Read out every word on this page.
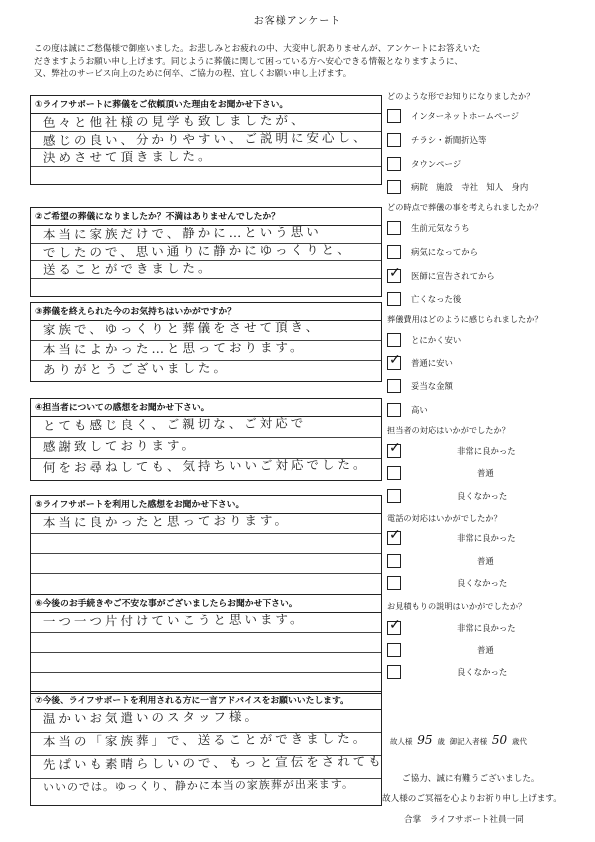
お客様アンケート
この度は誠にご愁傷様で御座いました。お悲しみとお疲れの中、大変申し訳ありませんが、アンケートにお答えいた
だきますようお願い申し上げます。同じように葬儀に関して困っている方へ安心できる情報となりますように、
又、弊社のサービス向上のために何卒、ご協力の程、宜しくお願い申し上げます。
①ライフサポートに葬儀をご依頼頂いた理由をお聞かせ下さい。
色々と他社様の見学も致しましたが、
感じの良い、分かりやすい、ご説明に安心し、
決めさせて頂きました。
②ご希望の葬儀になりましたか？不満はありませんでしたか？
本当に家族だけで、静かに…という思い
でしたので、思い通りに静かにゆっくりと、
送ることができました。
③葬儀を終えられた今のお気持ちはいかがですか？
家族で、ゆっくりと葬儀をさせて頂き、
本当によかった…と思っております。
ありがとうございました。
④担当者についての感想をお聞かせ下さい。
とても感じ良く、ご親切な、ご対応で
感謝致しております。
何をお尋ねしても、気持ちいいご対応でした。
⑤ライフサポートを利用した感想をお聞かせ下さい。
本当に良かったと思っております。
⑥今後のお手続きやご不安な事がございましたらお聞かせ下さい。
一つ一つ片付けていこうと思います。
⑦今後、ライフサポートを利用される方に一言アドバイスをお願いいたします。
温かいお気遣いのスタッフ様。
本当の「家族葬」で、送ることができました。
先ぱいも素晴らしいので、もっと宣伝をされても
いいのでは。ゆっくり、静かに本当の家族葬が出来ます。
どのような形でお知りになりましたか？
インターネットホームページ
チラシ・新聞折込等
タウンページ
病院　施設　寺社　知人　身内
どの時点で葬儀の事を考えられましたか？
生前元気なうち
病気になってから
✓ 医師に宣告されてから
亡くなった後
葬儀費用はどのように感じられましたか？
とにかく安い
✓ 普通に安い
妥当な金額
高い
担当者の対応はいかがでしたか？
✓	非常に良かった
普通
良くなかった
電話の対応はいかがでしたか？
✓	非常に良かった
普通
良くなかった
お見積もりの説明はいかがでしたか？
✓	非常に良かった
普通
良くなかった
故人様 95 歳 御記入者様 50 歳代
ご協力、誠に有難うございました。
故人様のご冥福を心よりお祈り申し上げます。
合掌　ライフサポート社員一同
